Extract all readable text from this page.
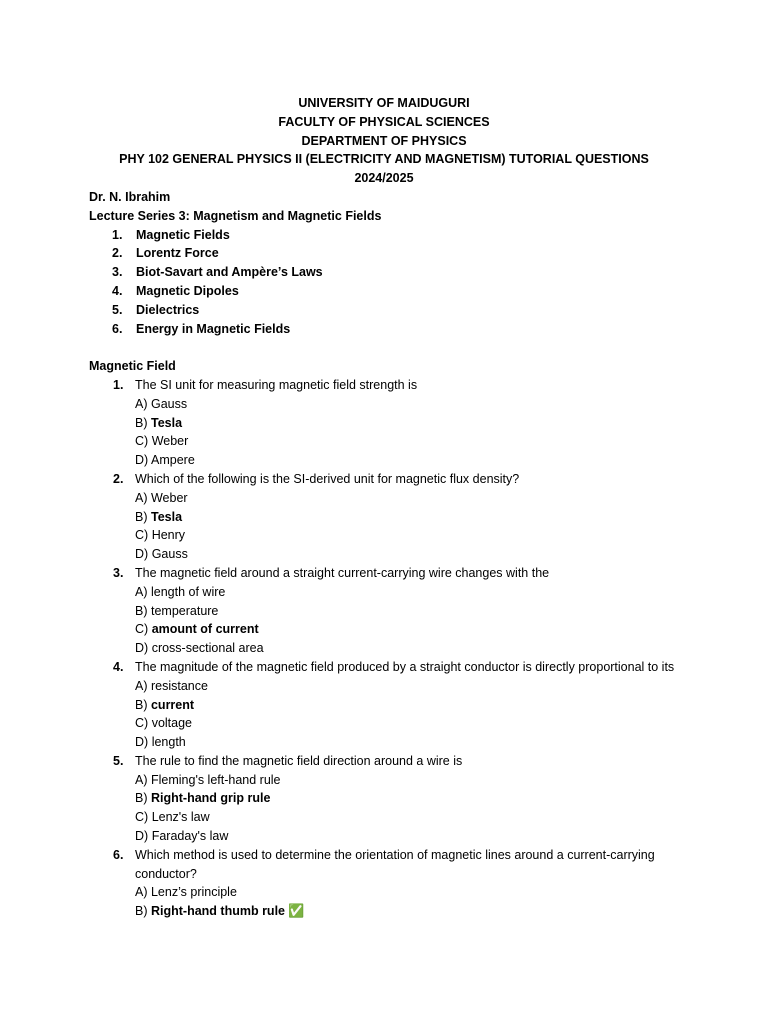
UNIVERSITY OF MAIDUGURI
FACULTY OF PHYSICAL SCIENCES
DEPARTMENT OF PHYSICS
PHY 102 GENERAL PHYSICS II (ELECTRICITY AND MAGNETISM) TUTORIAL QUESTIONS 2024/2025
Dr. N. Ibrahim
Lecture Series 3: Magnetism and Magnetic Fields
1. Magnetic Fields
2. Lorentz Force
3. Biot-Savart and Ampère’s Laws
4. Magnetic Dipoles
5. Dielectrics
6. Energy in Magnetic Fields
Magnetic Field
1. The SI unit for measuring magnetic field strength is
A) Gauss
B) Tesla
C) Weber
D) Ampere
2. Which of the following is the SI-derived unit for magnetic flux density?
A) Weber
B) Tesla
C) Henry
D) Gauss
3. The magnetic field around a straight current-carrying wire changes with the
A) length of wire
B) temperature
C) amount of current
D) cross-sectional area
4. The magnitude of the magnetic field produced by a straight conductor is directly proportional to its
A) resistance
B) current
C) voltage
D) length
5. The rule to find the magnetic field direction around a wire is
A) Fleming's left-hand rule
B) Right-hand grip rule
C) Lenz's law
D) Faraday's law
6. Which method is used to determine the orientation of magnetic lines around a current-carrying conductor?
A) Lenz’s principle
B) Right-hand thumb rule ✅
